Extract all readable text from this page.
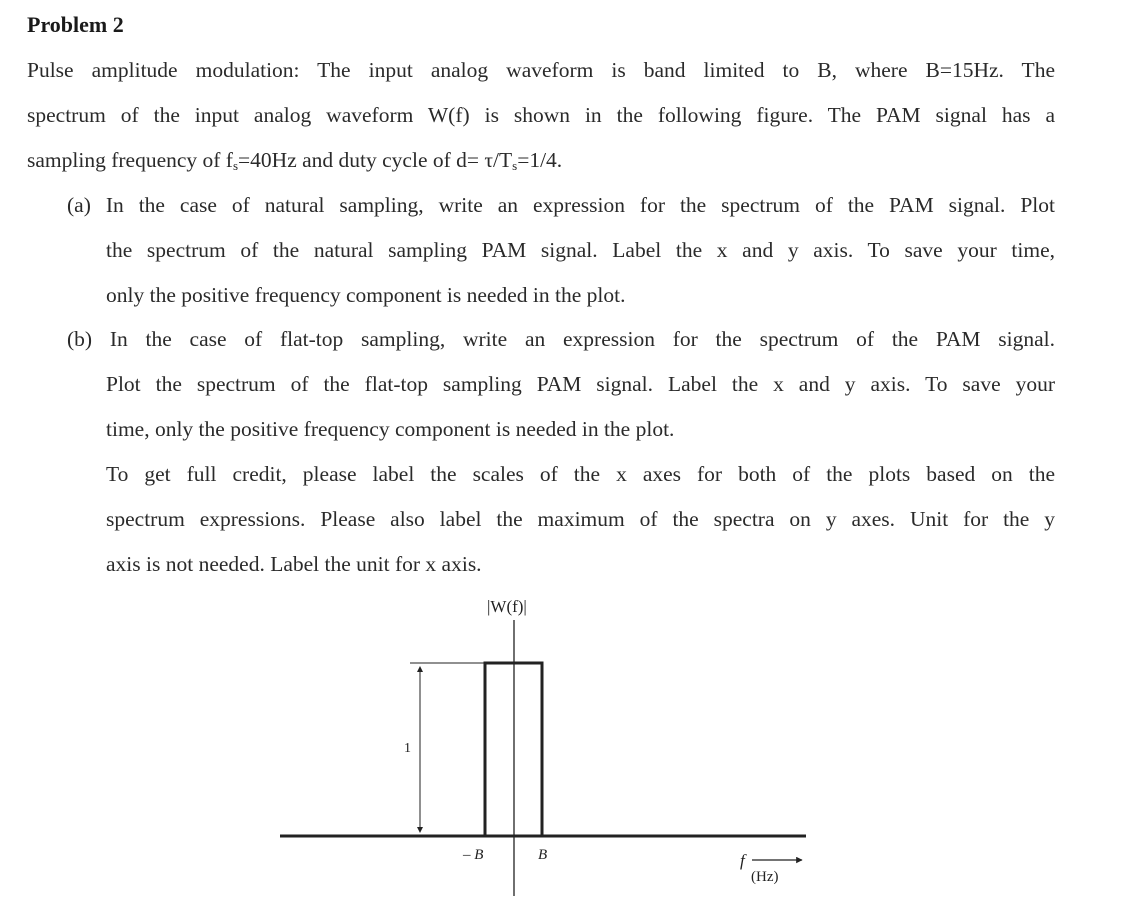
Problem 2
Pulse amplitude modulation: The input analog waveform is band limited to B, where B=15Hz. The
spectrum of the input analog waveform W(f) is shown in the following figure. The PAM signal has a
sampling frequency of $f_s=40Hz$ and duty cycle of $d= \tau/T_s=1/4$.
(a) In the case of natural sampling, write an expression for the spectrum of the PAM signal. Plot
the spectrum of the natural sampling PAM signal. Label the x and y axis. To save your time,
only the positive frequency component is needed in the plot.
(b) In the case of flat-top sampling, write an expression for the spectrum of the PAM signal.
Plot the spectrum of the flat-top sampling PAM signal. Label the x and y axis. To save your
time, only the positive frequency component is needed in the plot.
To get full credit, please label the scales of the x axes for both of the plots based on the
spectrum expressions. Please also label the maximum of the spectra on y axes. Unit for the y
axis is not needed. Label the unit for x axis.
|W(f)|
1
– B	B	f
(Hz)
